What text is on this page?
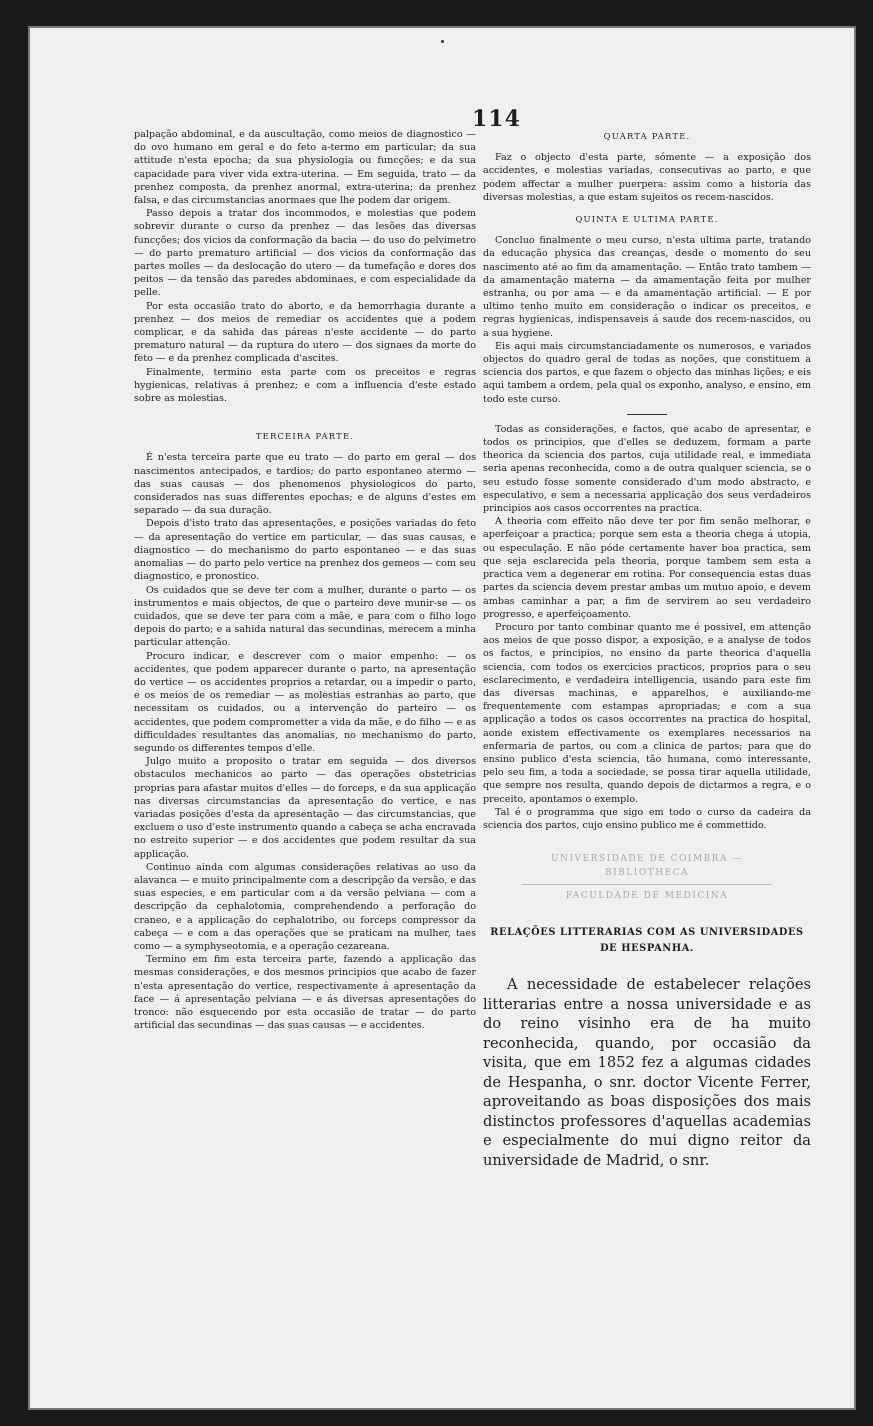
114

palpação abdominal, e da auscultação, como meios de diagnostico — do ovo humano em geral e do feto a-termo em particular; da sua attitude n'esta epocha; da sua physiologia ou funcções; e da sua capacidade para viver vida extra-uterina. — Em seguida, trato — da prenhez composta, da prenhez anormal, extra-uterina; da prenhez falsa, e das circumstancias anormaes que lhe podem dar origem.

Passo depois a tratar dos incommodos, e molestias que podem sobrevir durante o curso da prenhez — das lesões das diversas funcções; dos vicios da conformação da bacia — do uso do pelvimetro — do parto prematuro artificial — dos vicios da conformação das partes molles — da deslocação do utero — da tumefação e dores dos peitos — da tensão das paredes abdominaes, e com especialidade da pelle.

Por esta occasião trato do aborto, e da hemorrhagia durante a prenhez — dos meios de remediar os accidentes que a podem complicar, e da sahida das páreas n'este accidente — do parto prematuro natural — da ruptura do utero — dos signaes da morte do feto — e da prenhez complicada d'ascites.

Finalmente, termino esta parte com os preceitos e regras hygienicas, relativas á prenhez; e com a influencia d'este estado sobre as molestias.

TERCEIRA PARTE.

É n'esta terceira parte que eu trato — do parto em geral — dos nascimentos antecipados, e tardios; do parto espontaneo atermo — das suas causas — dos phenomenos physiologicos do parto, considerados nas suas differentes epochas; e de alguns d'estes em separado — da sua duração.

Depois d'isto trato das apresentações, e posições variadas do feto — da apresentação do vertice em particular, — das suas causas, e diagnostico — do mechanismo do parto espontaneo — e das suas anomalias — do parto pelo vertice na prenhez dos gemeos — com seu diagnostico, e pronostico.

Os cuidados que se deve ter com a mulher, durante o parto — os instrumentos e mais objectos, de que o parteiro deve munir-se — os cuidados, que se deve ter para com a mãe, e para com o filho logo depois do parto; e a sahida natural das secundinas, merecem a minha particular attenção.

Procuro indicar, e descrever com o maior empenho: — os accidentes, que podem apparecer durante o parto, na apresentação do vertice — os accidentes proprios a retardar, ou a impedir o parto, e os meios de os remediar — as molestias estranhas ao parto, que necessitam os cuidados, ou a intervenção do parteiro — os accidentes, que podem comprometter a vida da mãe, e do filho — e as difficuldades resultantes das anomalias, no mechanismo do parto, segundo os differentes tempos d'elle.

Julgo muito a proposito o tratar em seguida — dos diversos obstaculos mechanicos ao parto — das operações obstetricias proprias para afastar muitos d'elles — do forceps, e da sua applicação nas diversas circumstancias da apresentação do vertice, e nas variadas posições d'esta da apresentação — das circumstancias, que excluem o uso d'este instrumento quando a cabeça se acha encravada no estreito superior — e dos accidentes que podem resultar da sua applicação.

Continuo ainda com algumas considerações relativas ao uso da alavanca — e muito principalmente com a descripção da versão, e das suas especies, e em particular com a da versão pelviana — com a descripção da cephalotomia, comprehendendo a perforação do craneo, e a applicação do cephalotribo, ou forceps compressor da cabeça — e com a das operações que se praticam na mulher, taes como — a symphyseotomia, e a operação cezareana.

Termino em fim esta terceira parte, fazendo a applicação das mesmas considerações, e dos mesmos principios que acabo de fazer n'esta apresentação do vertice, respectivamente á apresentação da face — á apresentação pelviana — e ás diversas apresentações do tronco: não esquecendo por esta occasião de tratar — do parto artificial das secundinas — das suas causas — e accidentes.

QUARTA PARTE.

Faz o objecto d'esta parte, sómente — a exposição dos accidentes, e molestias variadas, consecutivas ao parto, e que podem affectar a mulher puerpera: assim como a historia das diversas molestias, a que estam sujeitos os recem-nascidos.

QUINTA E ULTIMA PARTE.

Concluo finalmente o meu curso, n'esta ultima parte, tratando da educação physica das creanças, desde o momento do seu nascimento até ao fim da amamentação. — Então trato tambem — da amamentação materna — da amamentação feita por mulher estranha, ou por ama — e da amamentação artificial. — E por ultimo tenho muito em consideração o indicar os preceitos, e regras hygienicas, indispensaveis á saude dos recem-nascidos, ou a sua hygiene.

Eis aqui mais circumstanciadamente os numerosos, e variados objectos do quadro geral de todas as noções, que constituem a sciencia dos partos, e que fazem o objecto das minhas lições; e eis aqui tambem a ordem, pela qual os exponho, analyso, e ensino, em todo este curso.

Todas as considerações, e factos, que acabo de apresentar, e todos os principios, que d'elles se deduzem, formam a parte theorica da sciencia dos partos, cuja utilidade real, e immediata seria apenas reconhecida, como a de outra qualquer sciencia, se o seu estudo fosse somente considerado d'um modo abstracto, e especulativo, e sem a necessaria applicação dos seus verdadeiros principios aos casos occorrentes na practica.

A theoria com effeito não deve ter por fim senão melhorar, e aperfeiçoar a practica; porque sem esta a theoria chega á utopia, ou especulação. E não póde certamente haver boa practica, sem que seja esclarecida pela theoria, porque tambem sem esta a practica vem a degenerar em rotina. Por consequencia estas duas partes da sciencia devem prestar ambas um mutuo apoio, e devem ambas caminhar a par, a fim de servirem ao seu verdadeiro progresso, e aperfeiçoamento.

Procuro por tanto combinar quanto me é possivel, em attenção aos meios de que posso dispor, a exposição, e a analyse de todos os factos, e principios, no ensino da parte theorica d'aquella sciencia, com todos os exercicios practicos, proprios para o seu esclarecimento, e verdadeira intelligencia, usando para este fim das diversas machinas, e apparelhos, e auxiliando-me frequentemente com estampas apropriadas; e com a sua applicação a todos os casos occorrentes na practica do hospital, aonde existem effectivamente os exemplares necessarios na enfermaria de partos, ou com a clinica de partos; para que do ensino publico d'esta sciencia, tão humana, como interessante, pelo seu fim, a toda a sociedade, se possa tirar aquella utilidade, que sempre nos resulta, quando depois de dictarmos a regra, e o preceito, apontamos o exemplo.

Tal é o programma que sigo em todo o curso da cadeira da sciencia dos partos, cujo ensino publico me é commettido.

UNIVERSIDADE DE COIMBRA — BIBLIOTHECA
FACULDADE DE MEDICINA
RELAÇÕES LITTERARIAS COM AS UNIVERSIDADES DE HESPANHA.

A necessidade de estabelecer relações litterarias entre a nossa universidade e as do reino visinho era de ha muito reconhecida, quando, por occasião da visita, que em 1852 fez a algumas cidades de Hespanha, o snr. doctor Vicente Ferrer, aproveitando as boas disposições dos mais distinctos professores d'aquellas academias e especialmente do mui digno reitor da universidade de Madrid, o snr.
